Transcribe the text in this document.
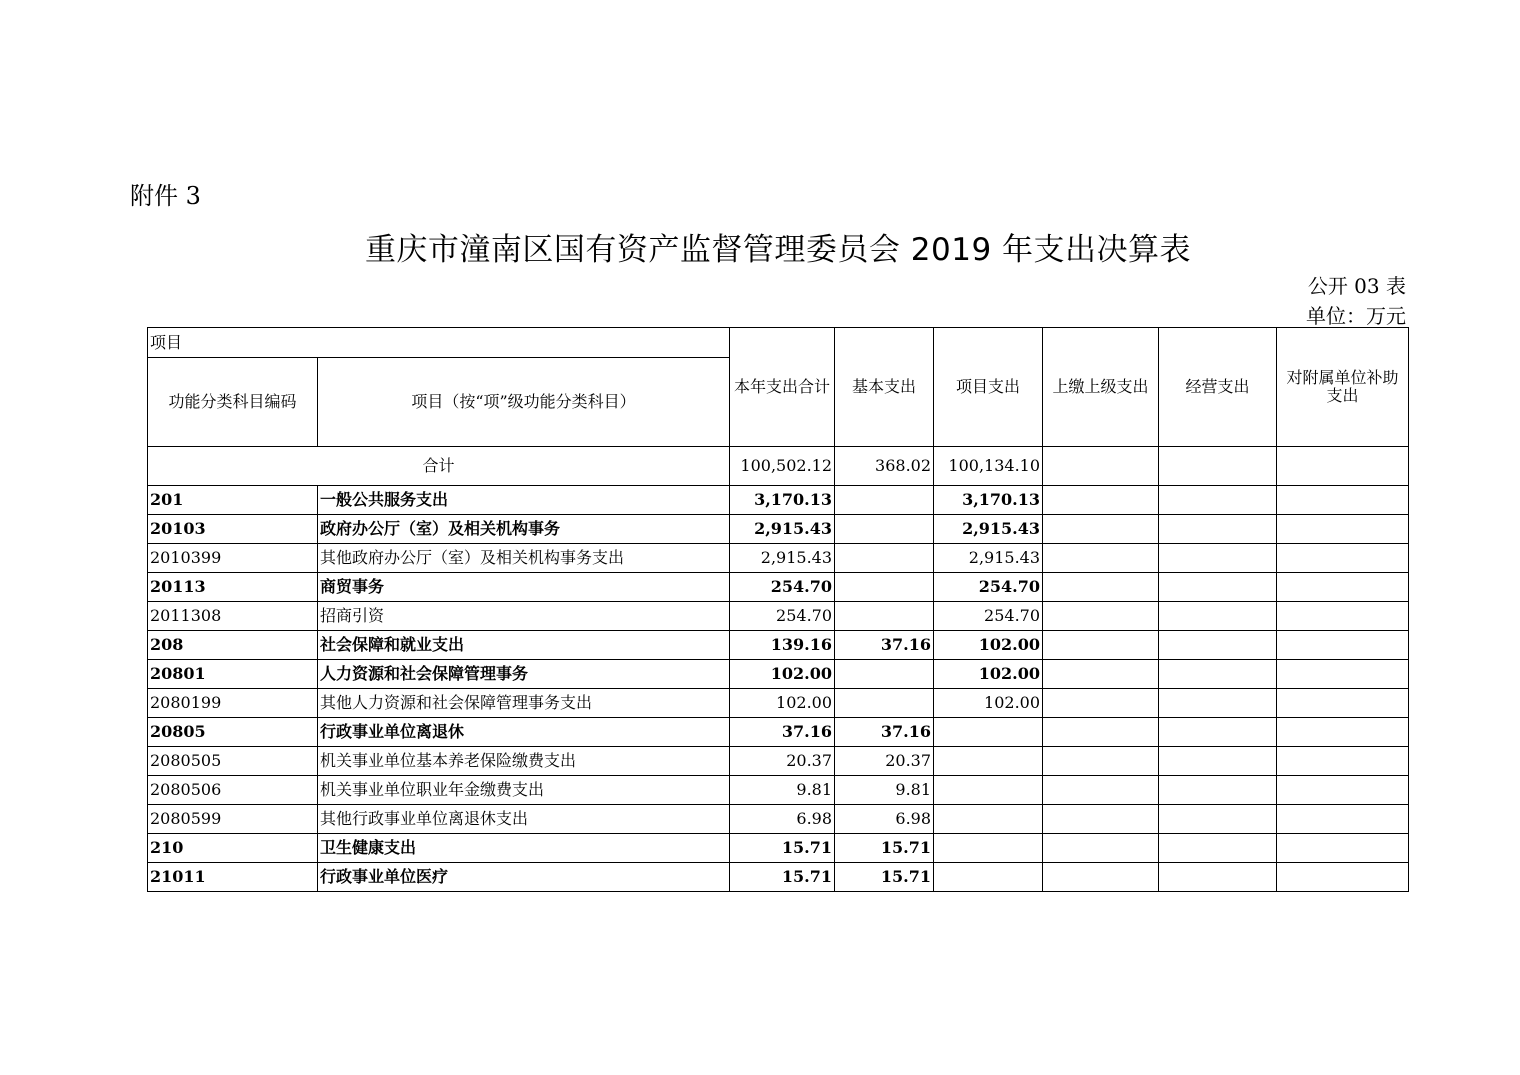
附件 3
重庆市潼南区国有资产监督管理委员会 2019 年支出决算表
公开 03 表
单位：万元
项目		本年支出合计	基本支出	项目支出	上缴上级支出	经营支出	对附属单位补助支出
功能分类科目编码	项目（按“项”级功能分类科目）						
合计		100,502.12	368.02	100,134.10			
201	一般公共服务支出	3,170.13		3,170.13			
20103	政府办公厅（室）及相关机构事务	2,915.43		2,915.43			
2010399	其他政府办公厅（室）及相关机构事务支出	2,915.43		2,915.43			
20113	商贸事务	254.70		254.70			
2011308	招商引资	254.70		254.70			
208	社会保障和就业支出	139.16	37.16	102.00			
20801	人力资源和社会保障管理事务	102.00		102.00			
2080199	其他人力资源和社会保障管理事务支出	102.00		102.00			
20805	行政事业单位离退休	37.16	37.16				
2080505	机关事业单位基本养老保险缴费支出	20.37	20.37				
2080506	机关事业单位职业年金缴费支出	9.81	9.81				
2080599	其他行政事业单位离退休支出	6.98	6.98				
210	卫生健康支出	15.71	15.71				
21011	行政事业单位医疗	15.71	15.71				
